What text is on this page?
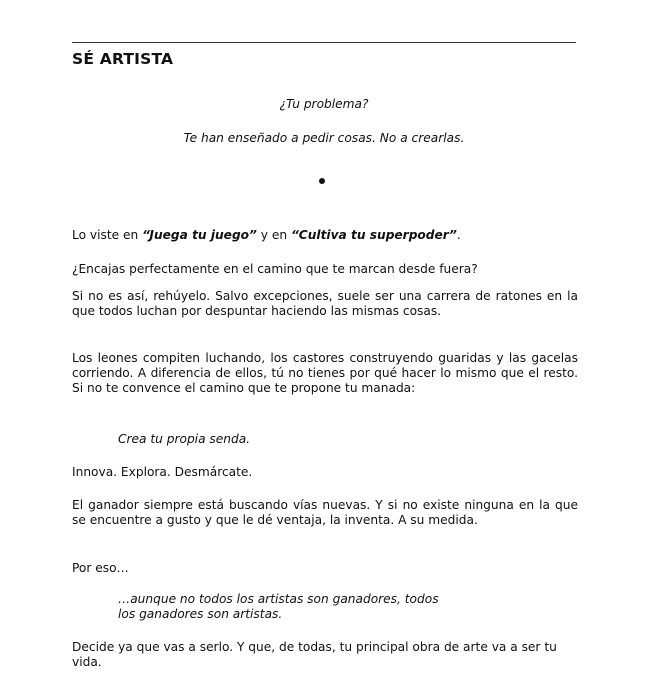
SÉ ARTISTA
¿Tu problema?
Te han enseñado a pedir cosas. No a crearlas.

Lo viste en “Juega tu juego” y en “Cultiva tu superpoder”.

¿Encajas perfectamente en el camino que te marcan desde fuera?

Si no es así, rehúyelo. Salvo excepciones, suele ser una carrera de ratones en la que todos luchan por despuntar haciendo las mismas cosas.

Los leones compiten luchando, los castores construyendo guaridas y las gacelas corriendo. A diferencia de ellos, tú no tienes por qué hacer lo mismo que el resto. Si no te convence el camino que te propone tu manada:

Crea tu propia senda.

Innova. Explora. Desmárcate.

El ganador siempre está buscando vías nuevas. Y si no existe ninguna en la que se encuentre a gusto y que le dé ventaja, la inventa. A su medida.

Por eso…

…aunque no todos los artistas son ganadores, todos
los ganadores son artistas.

Decide ya que vas a serlo. Y que, de todas, tu principal obra de arte va a ser tu vida.
